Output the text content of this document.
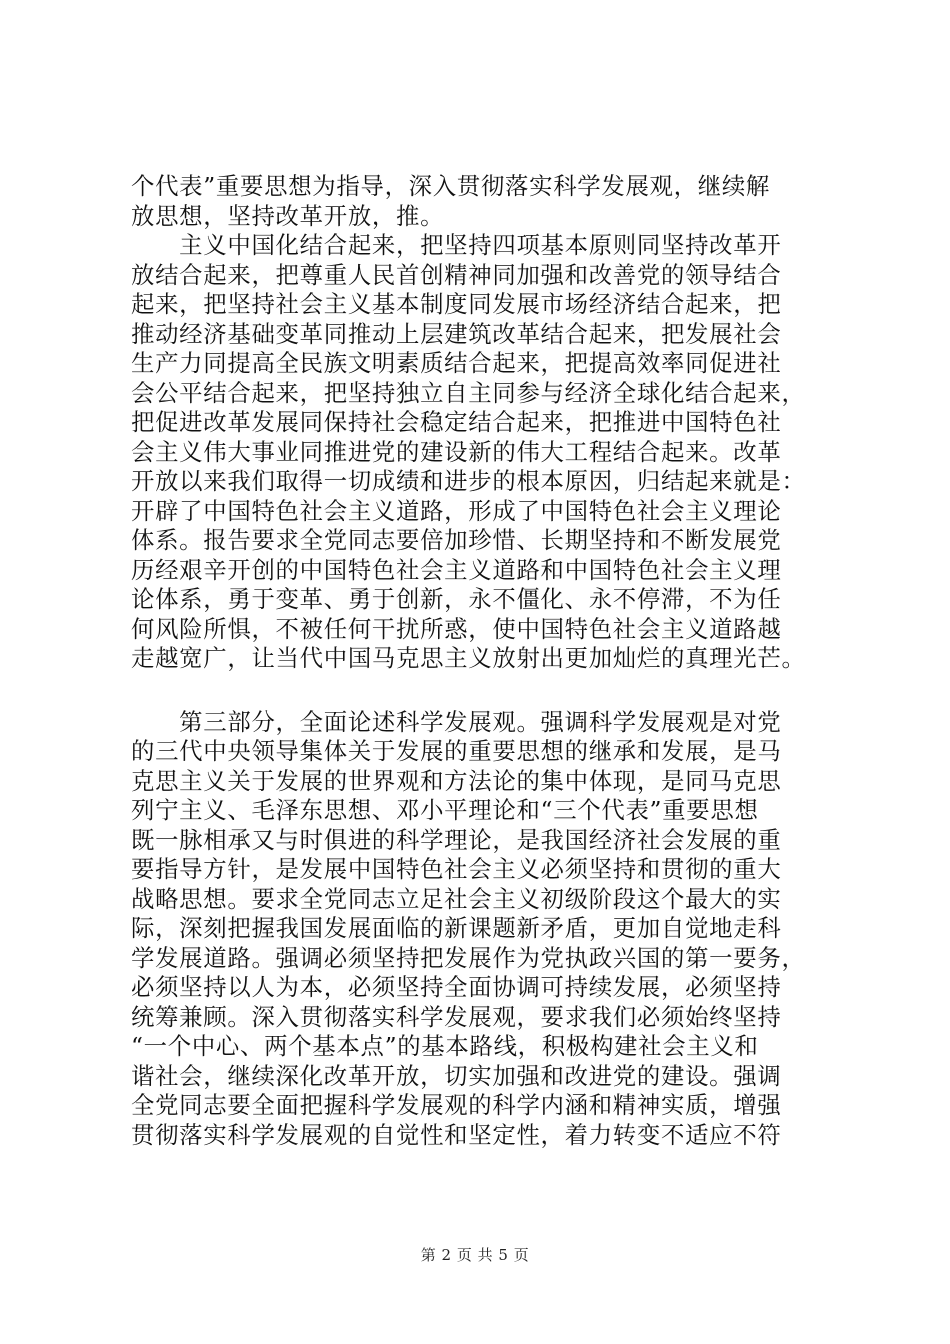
个代表”重要思想为指导，深入贯彻落实科学发展观，继续解
放思想，坚持改革开放，推。
　　主义中国化结合起来，把坚持四项基本原则同坚持改革开
放结合起来，把尊重人民首创精神同加强和改善党的领导结合
起来，把坚持社会主义基本制度同发展市场经济结合起来，把
推动经济基础变革同推动上层建筑改革结合起来，把发展社会
生产力同提高全民族文明素质结合起来，把提高效率同促进社
会公平结合起来，把坚持独立自主同参与经济全球化结合起来，
把促进改革发展同保持社会稳定结合起来，把推进中国特色社
会主义伟大事业同推进党的建设新的伟大工程结合起来。改革
开放以来我们取得一切成绩和进步的根本原因，归结起来就是：
开辟了中国特色社会主义道路，形成了中国特色社会主义理论
体系。报告要求全党同志要倍加珍惜、长期坚持和不断发展党
历经艰辛开创的中国特色社会主义道路和中国特色社会主义理
论体系，勇于变革、勇于创新，永不僵化、永不停滞，不为任
何风险所惧，不被任何干扰所惑，使中国特色社会主义道路越
走越宽广，让当代中国马克思主义放射出更加灿烂的真理光芒。
　　第三部分，全面论述科学发展观。强调科学发展观是对党
的三代中央领导集体关于发展的重要思想的继承和发展，是马
克思主义关于发展的世界观和方法论的集中体现，是同马克思
列宁主义、毛泽东思想、邓小平理论和“三个代表”重要思想
既一脉相承又与时俱进的科学理论，是我国经济社会发展的重
要指导方针，是发展中国特色社会主义必须坚持和贯彻的重大
战略思想。要求全党同志立足社会主义初级阶段这个最大的实
际，深刻把握我国发展面临的新课题新矛盾，更加自觉地走科
学发展道路。强调必须坚持把发展作为党执政兴国的第一要务，
必须坚持以人为本，必须坚持全面协调可持续发展，必须坚持
统筹兼顾。深入贯彻落实科学发展观，要求我们必须始终坚持
“一个中心、两个基本点”的基本路线，积极构建社会主义和
谐社会，继续深化改革开放，切实加强和改进党的建设。强调
全党同志要全面把握科学发展观的科学内涵和精神实质，增强
贯彻落实科学发展观的自觉性和坚定性，着力转变不适应不符
第 2 页 共 5 页
